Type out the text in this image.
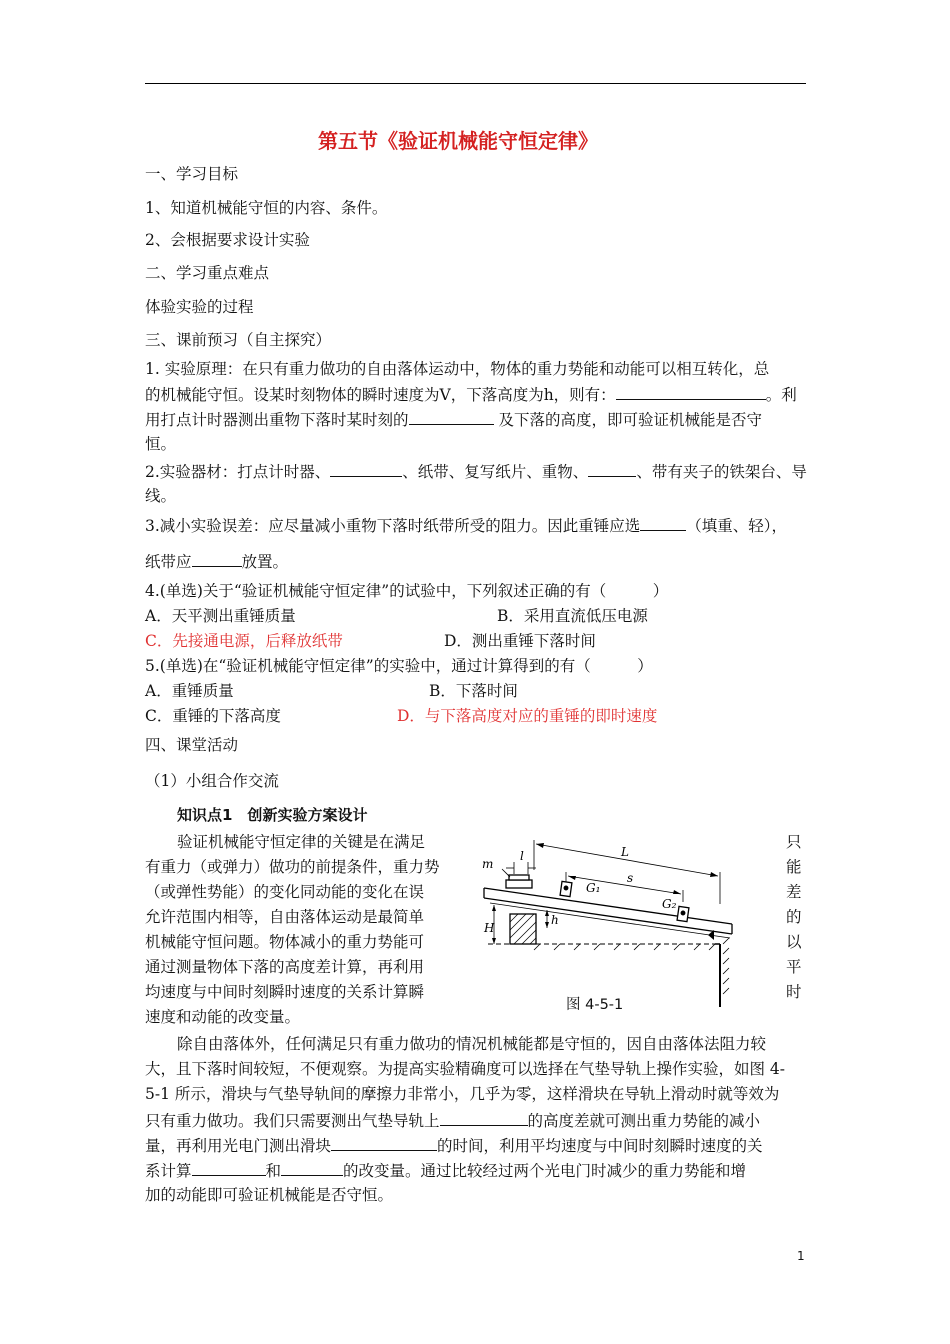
第五节《验证机械能守恒定律》
一、学习目标
1、知道机械能守恒的内容、条件。
2、会根据要求设计实验
二、学习重点难点
体验实验的过程
三、课前预习（自主探究）
1. 实验原理：在只有重力做功的自由落体运动中，物体的重力势能和动能可以相互转化，总
的机械能守恒。设某时刻物体的瞬时速度为V，下落高度为h，则有：	。利
用打点计时器测出重物下落时某时刻的	及下落的高度，即可验证机械能是否守
恒。
2.实验器材：打点计时器、	、纸带、复写纸片、重物、	、带有夹子的铁架台、导
线。
3.减小实验误差：应尽量减小重物下落时纸带所受的阻力。因此重锤应选	（填重、轻），
纸带应	放置。
4.(单选)关于“验证机械能守恒定律”的试验中，下列叙述正确的有（　　　）
A．天平测出重锤质量	B．采用直流低压电源
C．先接通电源，后释放纸带	D．测出重锤下落时间
5.(单选)在“验证机械能守恒定律”的实验中，通过计算得到的有（　　　）
A．重锤质量	B．下落时间
C．重锤的下落高度	D．与下落高度对应的重锤的即时速度
四、课堂活动
（1）小组合作交流
知识点1　创新实验方案设计
验证机械能守恒定律的关键是在满足
有重力（或弹力）做功的前提条件，重力势
（或弹性势能）的变化同动能的变化在误
允许范围内相等，自由落体运动是最简单
机械能守恒问题。物体减小的重力势能可
通过测量物体下落的高度差计算，再利用
均速度与中间时刻瞬时速度的关系计算瞬
速度和动能的改变量。
只
能
差
的
以
平
时
m
l	L
s
G₁
G₂
h
H
图 4-5-1
除自由落体外，任何满足只有重力做功的情况机械能都是守恒的，因自由落体法阻力较
大，且下落时间较短，不便观察。为提高实验精确度可以选择在气垫导轨上操作实验，如图 4-
5-1 所示，滑块与气垫导轨间的摩擦力非常小，几乎为零，这样滑块在导轨上滑动时就等效为
只有重力做功。我们只需要测出气垫导轨上	的高度差就可测出重力势能的减小
量，再利用光电门测出滑块	的时间，利用平均速度与中间时刻瞬时速度的关
系计算	和	的改变量。通过比较经过两个光电门时减少的重力势能和增
加的动能即可验证机械能是否守恒。
1
